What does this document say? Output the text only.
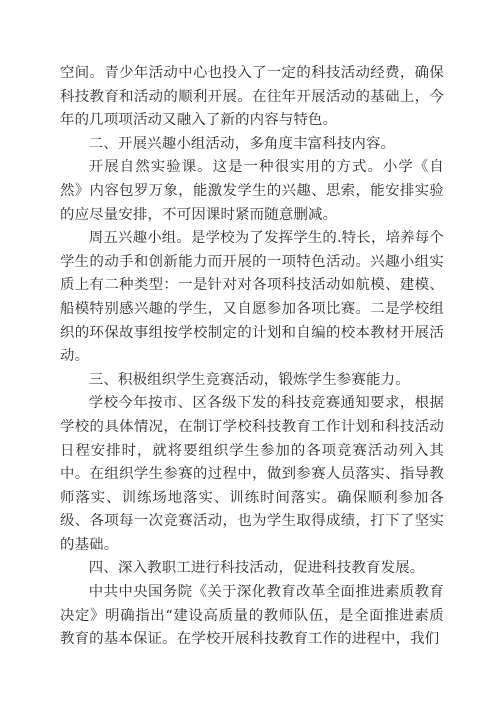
空间。青少年活动中心也投入了一定的科技活动经费，确保科技教育和活动的顺利开展。在往年开展活动的基础上，今年的几项项活动又融入了新的内容与特色。

二、开展兴趣小组活动，多角度丰富科技内容。

开展自然实验课。这是一种很实用的方式。小学《自然》内容包罗万象，能激发学生的兴趣、思索，能安排实验的应尽量安排，不可因课时紧而随意删减。

周五兴趣小组。是学校为了发挥学生的.特长，培养每个学生的动手和创新能力而开展的一项特色活动。兴趣小组实质上有二种类型：一是针对对各项科技活动如航模、建模、船模特别感兴趣的学生，又自愿参加各项比赛。二是学校组织的环保故事组按学校制定的计划和自编的校本教材开展活动。

三、积极组织学生竞赛活动，锻炼学生参赛能力。

学校今年按市、区各级下发的科技竞赛通知要求，根据学校的具体情况，在制订学校科技教育工作计划和科技活动日程安排时，就将要组织学生参加的各项竞赛活动列入其中。在组织学生参赛的过程中，做到参赛人员落实、指导教师落实、训练场地落实、训练时间落实。确保顺利参加各级、各项每一次竞赛活动，也为学生取得成绩，打下了坚实的基础。

四、深入教职工进行科技活动，促进科技教育发展。

中共中央国务院《关于深化教育改革全面推进素质教育决定》明确指出“建设高质量的教师队伍，是全面推进素质教育的基本保证。在学校开展科技教育工作的进程中，我们
